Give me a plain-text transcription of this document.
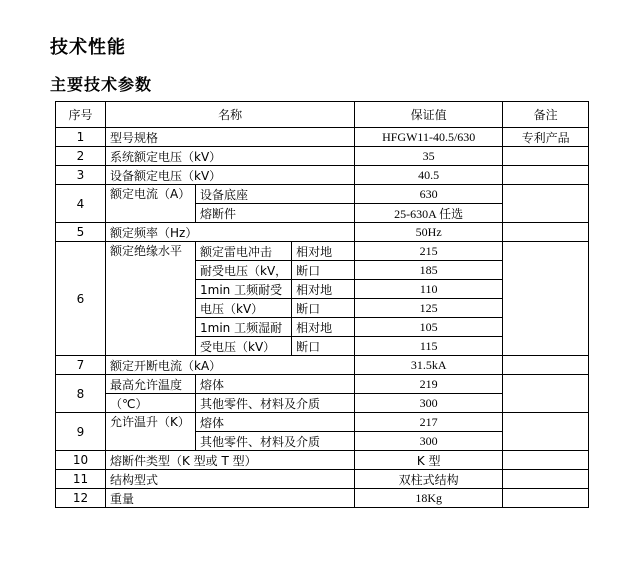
技术性能
主要技术参数
序号	名称			保证值	备注
1	型号规格			HFGW11-40.5/630	专利产品
2	系统额定电压（kV）			35	
3	设备额定电压（kV）			40.5	
4	额定电流（A）	设备底座		630	
		熔断件		25-630A 任选	
5	额定频率（Hz）			50Hz	
6	额定绝缘水平	额定雷电冲击	相对地	215	
		耐受电压（kV，	断口	185	
		1min 工频耐受	相对地	110	
		电压（kV）	断口	125	
		1min 工频湿耐	相对地	105	
		受电压（kV）	断口	115	
7	额定开断电流（kA）			31.5kA	
8	最高允许温度	熔体		219	
	（℃）	其他零件、材料及介质		300	
9	允许温升（K）	熔体		217	
		其他零件、材料及介质		300	
10	熔断件类型（K 型或 T 型）			K 型	
11	结构型式			双柱式结构	
12	重量			18Kg	
